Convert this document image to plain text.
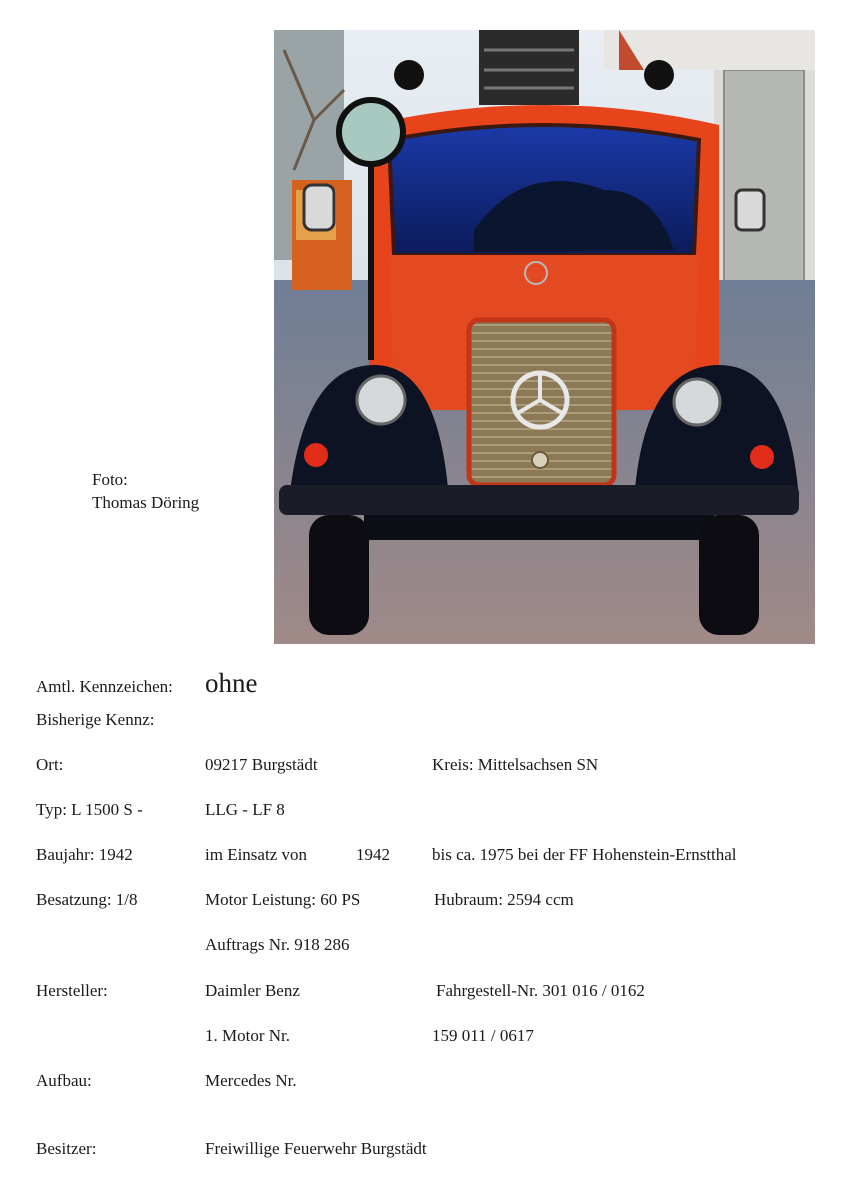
Foto:
Thomas Döring
Amtl. Kennzeichen: ohne
Bisherige Kennz:
Ort:	09217 Burgstädt	Kreis: Mittelsachsen SN
Typ: L 1500 S -	LLG - LF 8
Baujahr: 1942	im Einsatz von	1942 bis ca. 1975 bei der FF Hohenstein-Ernstthal
Besatzung: 1/8	Motor Leistung: 60 PS	Hubraum: 2594 ccm
Auftrags Nr. 918 286
Hersteller:	Daimler Benz	Fahrgestell-Nr. 301 016 / 0162
1. Motor Nr.	159 011 / 0617
Aufbau:	Mercedes Nr.
Besitzer:	Freiwillige Feuerwehr Burgstädt
